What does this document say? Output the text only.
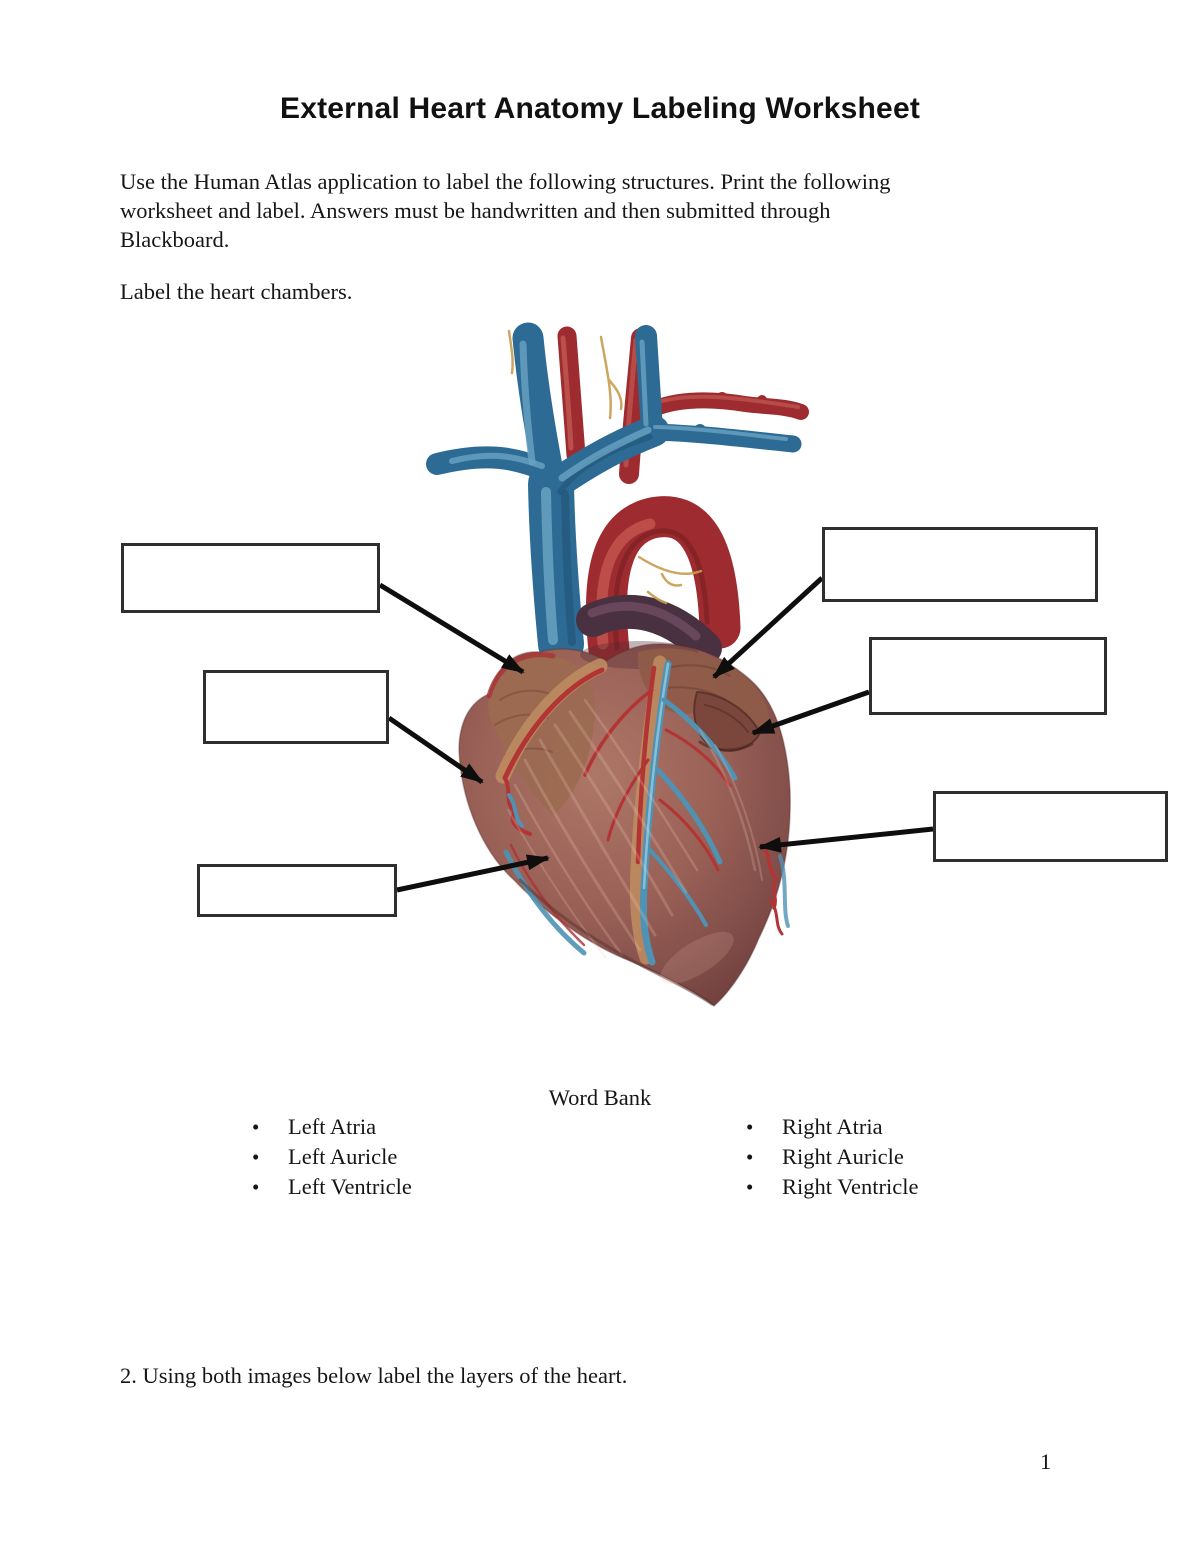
External Heart Anatomy Labeling Worksheet
Use the Human Atlas application to label the following structures. Print the following
worksheet and label. Answers must be handwritten and then submitted through
Blackboard.
Label the heart chambers.
Word Bank
•	Left Atria
•	Left Auricle
•	Left Ventricle
•	Right Atria
•	Right Auricle
•	Right Ventricle
2. Using both images below label the layers of the heart.
1
